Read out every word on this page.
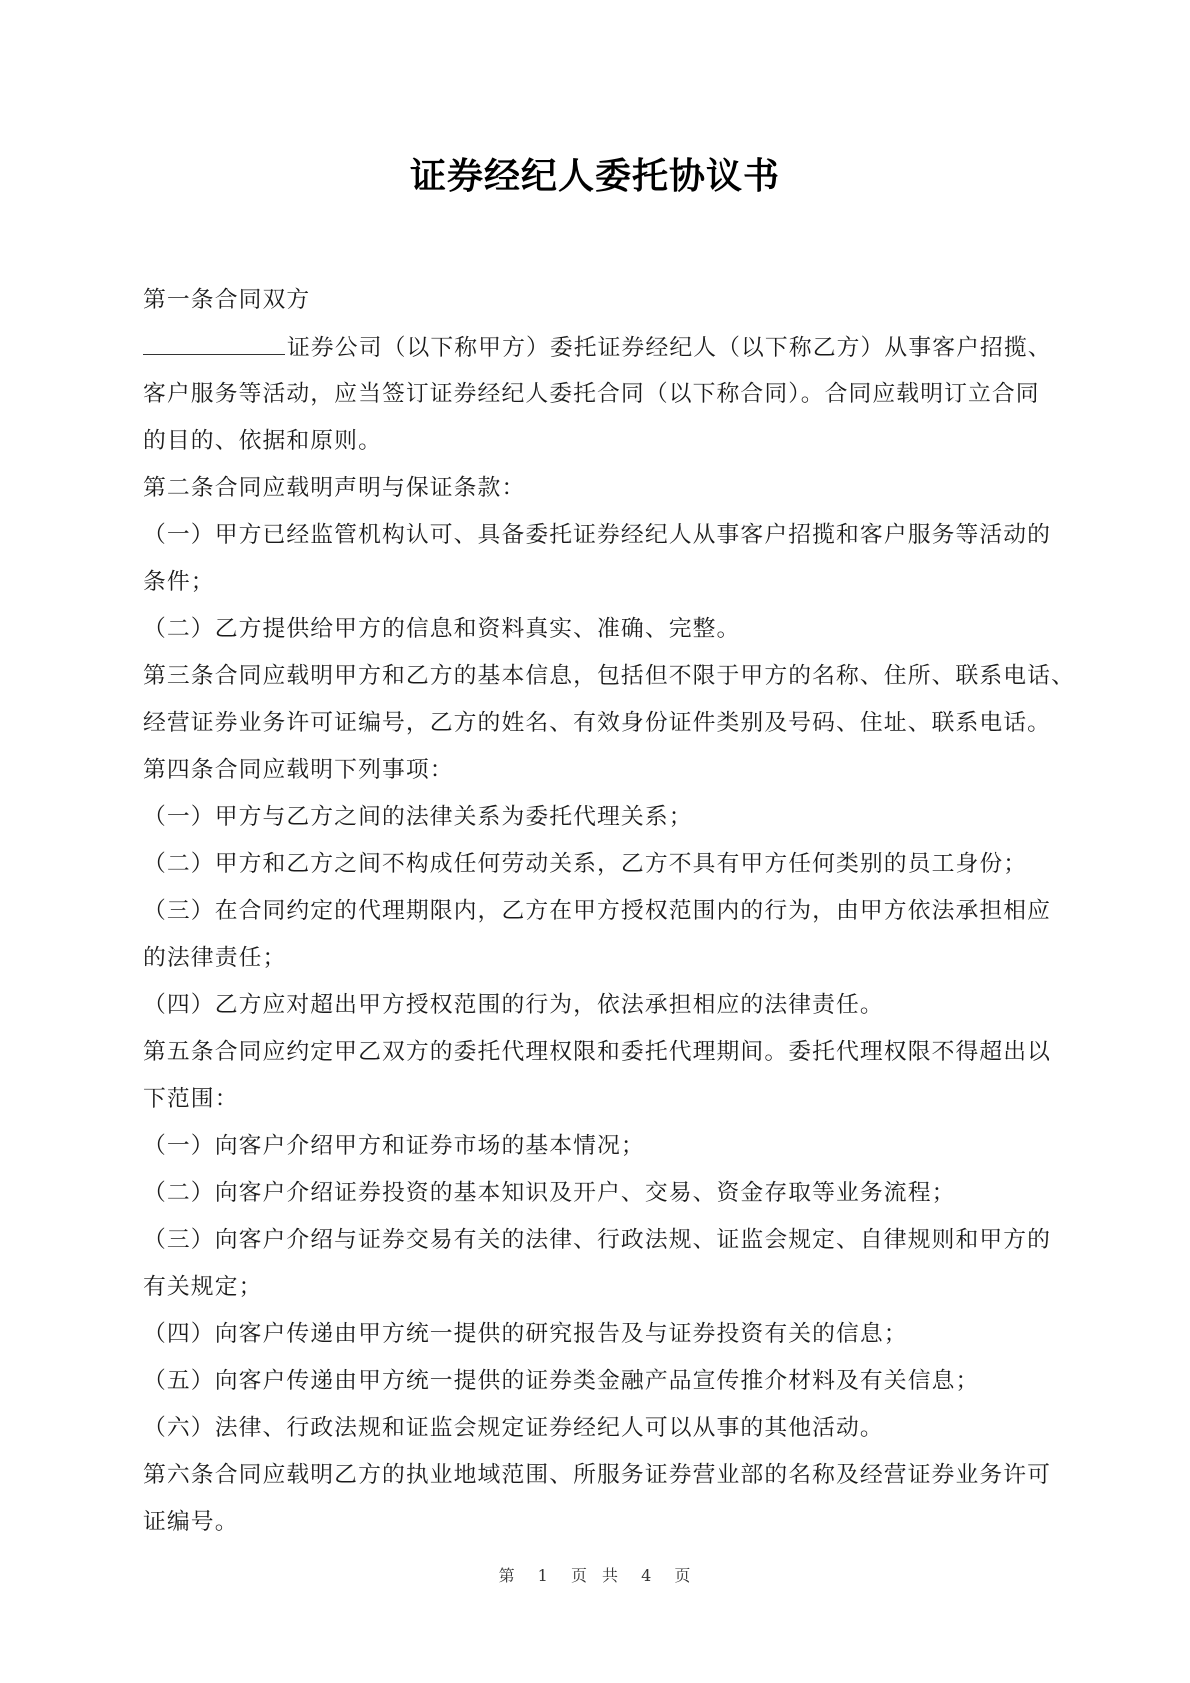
证券经纪人委托协议书
第一条合同双方
证券公司（以下称甲方）委托证券经纪人（以下称乙方）从事客户招揽、
客户服务等活动，应当签订证券经纪人委托合同（以下称合同）。合同应载明订立合同
的目的、依据和原则。
第二条合同应载明声明与保证条款：
（一）甲方已经监管机构认可、具备委托证券经纪人从事客户招揽和客户服务等活动的
条件；
（二）乙方提供给甲方的信息和资料真实、准确、完整。
第三条合同应载明甲方和乙方的基本信息，包括但不限于甲方的名称、住所、联系电话、
经营证券业务许可证编号，乙方的姓名、有效身份证件类别及号码、住址、联系电话。
第四条合同应载明下列事项：
（一）甲方与乙方之间的法律关系为委托代理关系；
（二）甲方和乙方之间不构成任何劳动关系，乙方不具有甲方任何类别的员工身份；
（三）在合同约定的代理期限内，乙方在甲方授权范围内的行为，由甲方依法承担相应
的法律责任；
（四）乙方应对超出甲方授权范围的行为，依法承担相应的法律责任。
第五条合同应约定甲乙双方的委托代理权限和委托代理期间。委托代理权限不得超出以
下范围：
（一）向客户介绍甲方和证券市场的基本情况；
（二）向客户介绍证券投资的基本知识及开户、交易、资金存取等业务流程；
（三）向客户介绍与证券交易有关的法律、行政法规、证监会规定、自律规则和甲方的
有关规定；
（四）向客户传递由甲方统一提供的研究报告及与证券投资有关的信息；
（五）向客户传递由甲方统一提供的证券类金融产品宣传推介材料及有关信息；
（六）法律、行政法规和证监会规定证券经纪人可以从事的其他活动。
第六条合同应载明乙方的执业地域范围、所服务证券营业部的名称及经营证券业务许可
证编号。
第 1 页 共 4 页
